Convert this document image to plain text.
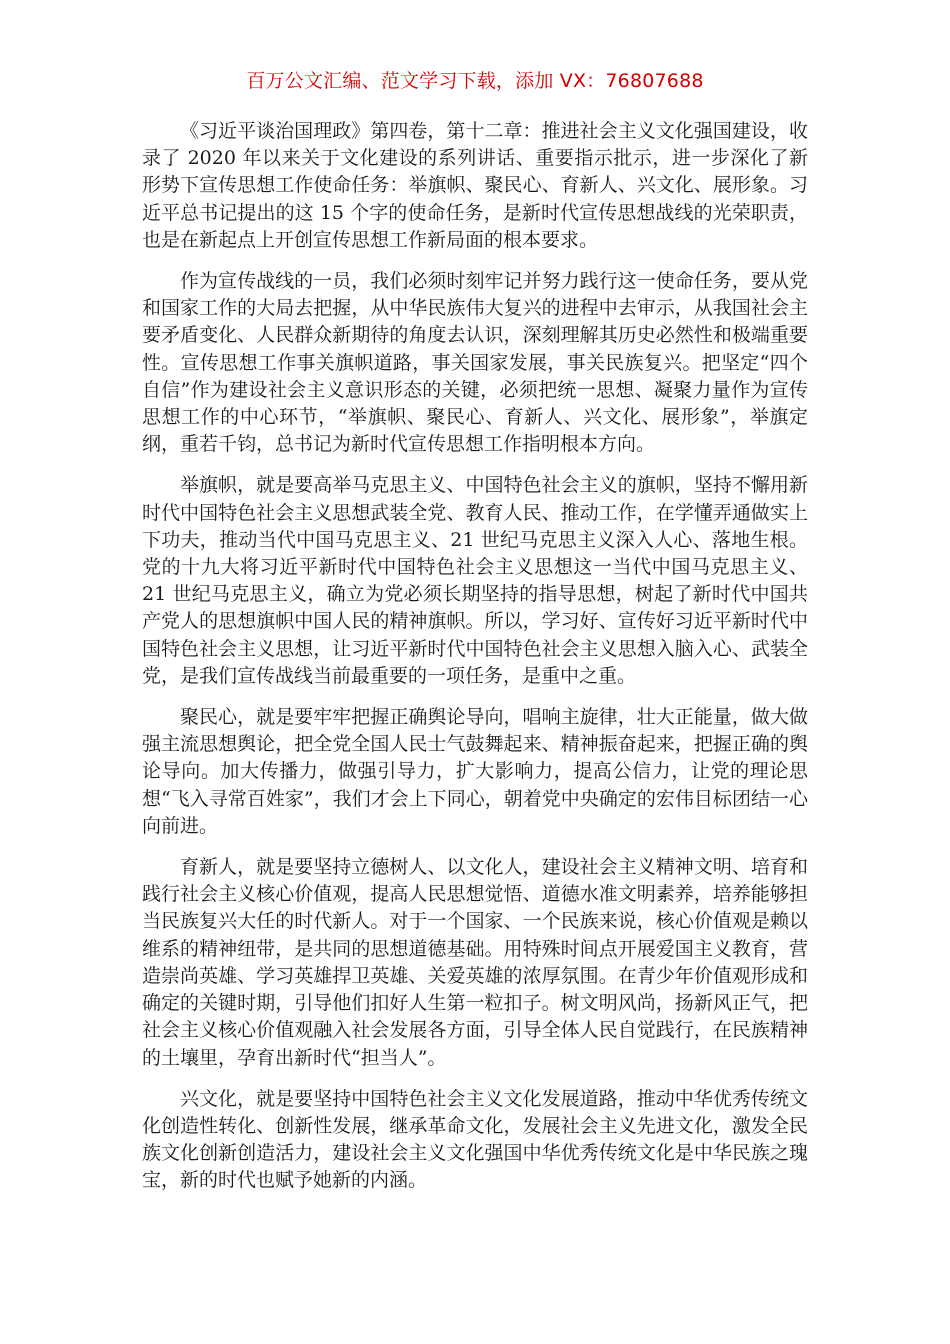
百万公文汇编、范文学习下载，添加 VX：76807688

《习近平谈治国理政》第四卷，第十二章：推进社会主义文化强国建设，收录了 2020 年以来关于文化建设的系列讲话、重要指示批示，进一步深化了新形势下宣传思想工作使命任务：举旗帜、聚民心、育新人、兴文化、展形象。习近平总书记提出的这 15 个字的使命任务，是新时代宣传思想战线的光荣职责，也是在新起点上开创宣传思想工作新局面的根本要求。

作为宣传战线的一员，我们必须时刻牢记并努力践行这一使命任务，要从党和国家工作的大局去把握，从中华民族伟大复兴的进程中去审示，从我国社会主要矛盾变化、人民群众新期待的角度去认识，深刻理解其历史必然性和极端重要性。宣传思想工作事关旗帜道路，事关国家发展，事关民族复兴。把坚定“四个自信”作为建设社会主义意识形态的关键，必须把统一思想、凝聚力量作为宣传思想工作的中心环节，“举旗帜、聚民心、育新人、兴文化、展形象”，举旗定纲，重若千钧，总书记为新时代宣传思想工作指明根本方向。

举旗帜，就是要高举马克思主义、中国特色社会主义的旗帜，坚持不懈用新时代中国特色社会主义思想武装全党、教育人民、推动工作，在学懂弄通做实上下功夫，推动当代中国马克思主义、21 世纪马克思主义深入人心、落地生根。党的十九大将习近平新时代中国特色社会主义思想这一当代中国马克思主义、21 世纪马克思主义，确立为党必须长期坚持的指导思想，树起了新时代中国共产党人的思想旗帜中国人民的精神旗帜。所以，学习好、宣传好习近平新时代中国特色社会主义思想，让习近平新时代中国特色社会主义思想入脑入心、武装全党，是我们宣传战线当前最重要的一项任务，是重中之重。

聚民心，就是要牢牢把握正确舆论导向，唱响主旋律，壮大正能量，做大做强主流思想舆论，把全党全国人民士气鼓舞起来、精神振奋起来，把握正确的舆论导向。加大传播力，做强引导力，扩大影响力，提高公信力，让党的理论思想“飞入寻常百姓家”，我们才会上下同心，朝着党中央确定的宏伟目标团结一心向前进。

育新人，就是要坚持立德树人、以文化人，建设社会主义精神文明、培育和践行社会主义核心价值观，提高人民思想觉悟、道德水准文明素养，培养能够担当民族复兴大任的时代新人。对于一个国家、一个民族来说，核心价值观是赖以维系的精神纽带，是共同的思想道德基础。用特殊时间点开展爱国主义教育，营造崇尚英雄、学习英雄捍卫英雄、关爱英雄的浓厚氛围。在青少年价值观形成和确定的关键时期，引导他们扣好人生第一粒扣子。树文明风尚，扬新风正气，把社会主义核心价值观融入社会发展各方面，引导全体人民自觉践行，在民族精神的土壤里，孕育出新时代“担当人”。

兴文化，就是要坚持中国特色社会主义文化发展道路，推动中华优秀传统文化创造性转化、创新性发展，继承革命文化，发展社会主义先进文化，激发全民族文化创新创造活力，建设社会主义文化强国中华优秀传统文化是中华民族之瑰宝，新的时代也赋予她新的内涵。
